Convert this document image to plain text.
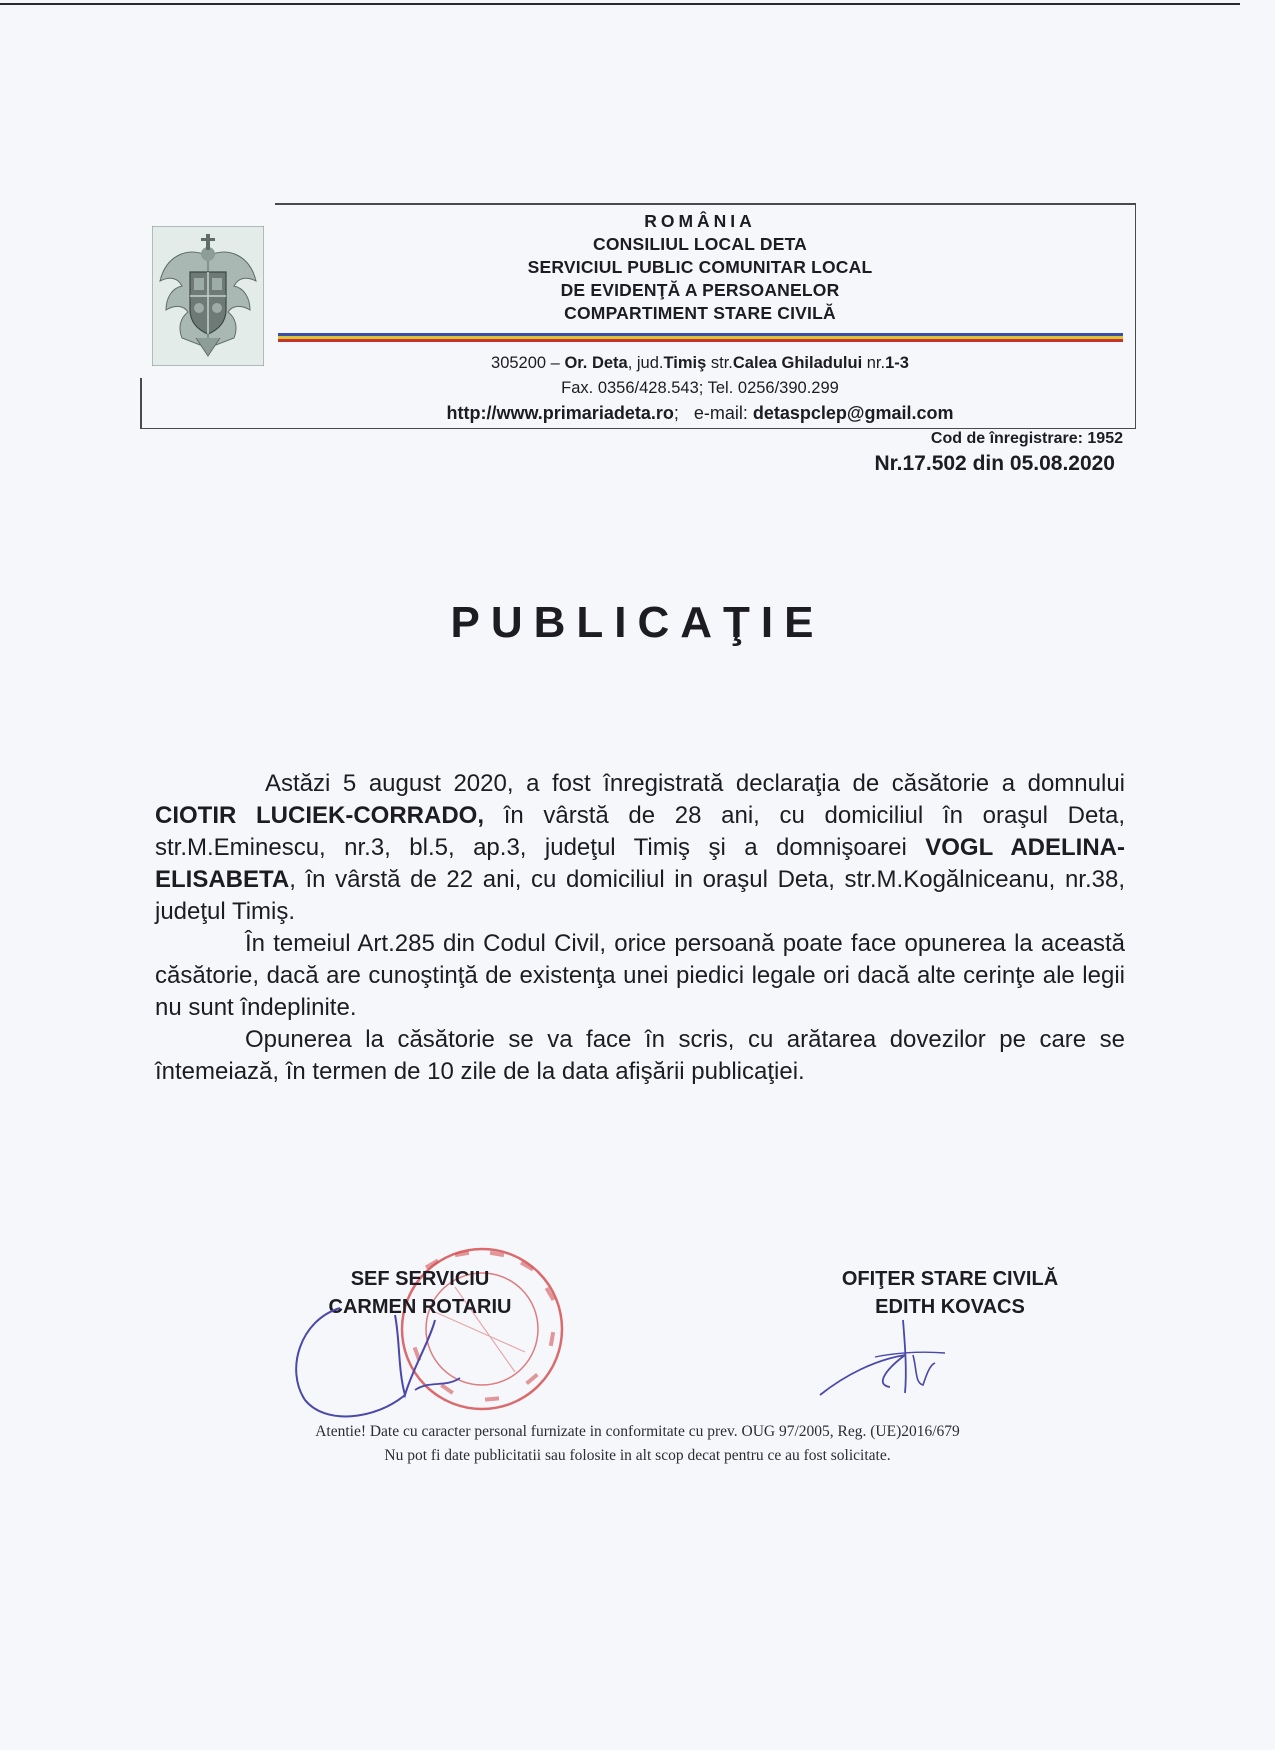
ROMÂNIA
CONSILIUL LOCAL DETA
SERVICIUL PUBLIC COMUNITAR LOCAL
DE EVIDENŢĂ A PERSOANELOR
COMPARTIMENT STARE CIVILĂ
305200 – Or. Deta, jud.Timiş str.Calea Ghiladului nr.1-3
Fax. 0356/428.543; Tel. 0256/390.299
http://www.primariadeta.ro;   e-mail: detaspclep@gmail.com
Cod de înregistrare: 1952
Nr.17.502 din 05.08.2020
PUBLICAŢIE

Astăzi 5 august 2020, a fost înregistrată declaraţia de căsătorie a domnului CIOTIR LUCIEK-CORRADO, în vârstă de 28 ani, cu domiciliul în oraşul Deta, str.M.Eminescu, nr.3, bl.5, ap.3, judeţul Timiş şi a domnişoarei VOGL ADELINA-ELISABETA, în vârstă de 22 ani, cu domiciliul in oraşul Deta, str.M.Kogălniceanu, nr.38, judeţul Timiş.

În temeiul Art.285 din Codul Civil, orice persoană poate face opunerea la această căsătorie, dacă are cunoştinţă de existenţa unei piedici legale ori dacă alte cerinţe ale legii nu sunt îndeplinite.

Opunerea la căsătorie se va face în scris, cu arătarea dovezilor pe care se întemeiază, în termen de 10 zile de la data afişării publicaţiei.

SEF SERVICIU
CARMEN ROTARIU
OFIŢER STARE CIVILĂ
EDITH KOVACS
Atentie! Date cu caracter personal furnizate in conformitate cu prev. OUG 97/2005, Reg. (UE)2016/679
Nu pot fi date publicitatii sau folosite in alt scop decat pentru ce au fost solicitate.
